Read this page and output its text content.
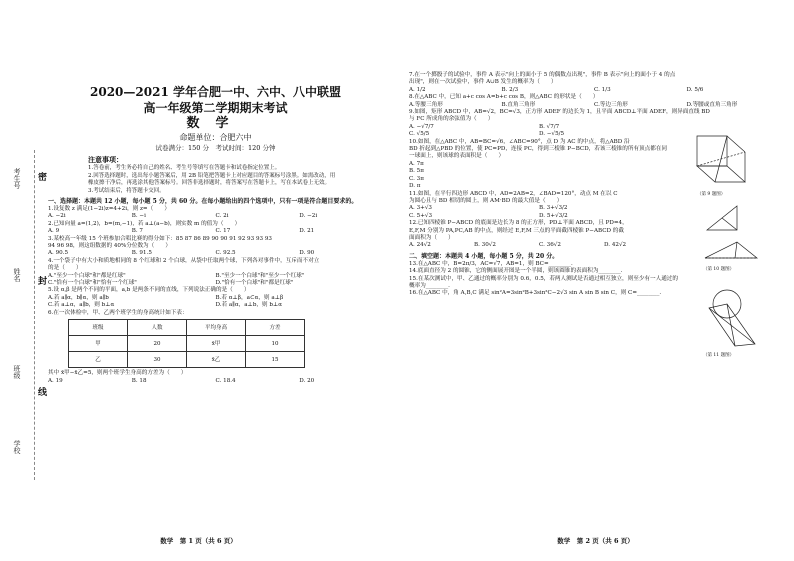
考生号
姓名
班级
学校
密
封
线
2020—2021 学年合肥一中、六中、八中联盟
高一年级第二学期期末考试
数学
命题单位：合肥六中
试卷满分：150 分　考试时间：120 分钟
注意事项：
1.答卷前，考生务必将自己的姓名、考生号等填写在答题卡和试卷指定位置上。
2.回答选择题时，选出每小题答案后，用 2B 铅笔把答题卡上对应题目的答案标号涂黑。如需改动，用
橡皮擦干净后，再选涂其他答案标号。回答非选择题时，将答案写在答题卡上，写在本试卷上无效。
3.考试结束后，将答题卡交回。
一、选择题：本题共 12 小题，每小题 5 分，共 60 分。在每小题给出的四个选项中，只有一项是符合题目要求的。
1.设复数 z 满足(1−2i)z=4+2i，则 z=（　　）
A. −2i	B. −i	C. 2i	D. −2i
2.已知向量 a=(1,2)，b=(m,−1)，若 a⊥(a−b)，则实数 m 的值为（　　）
A. 9	B. 7	C. 17	D. 21
3.某校高一年级 15 个班参加合唱比赛的得分如下：85 87 86 89 90 90 91 92 93 93 93
94 96 98，则这组数据的 40%分位数为（　　）
A. 90.5	B. 91.5	C. 92.5	D. 90
4.一个袋子中有大小和质地相同的 8 个红球和 2 个白球，从袋中任取两个球，下列各对事件中，互斥而不对立
的是（　　）
A."至少一个白球"和"都是红球"	B."至少一个白球"和"至少一个红球"
C."恰有一个白球"和"恰有一个红球"	D."恰有一个白球"和"都是红球"
5.设 α,β 是两个不同的平面，a,b 是两条不同的直线，下列说法正确的是（　　）
A.若 a∥α，b∥α，则 a∥b	B.若 α⊥β，a⊂α，则 a⊥β
C.若 a⊥α，a∥b，则 b⊥α	D.若 a∥α，a⊥b，则 b⊥α
6.在一次体检中，甲、乙两个班学生的身高统计如下表：
班级	人数	平均身高	方差
甲	20	x̄甲	10
乙	30	x̄乙	15
其中 x̄甲−x̄乙=5，则两个班学生身高的方差为（　　）
A. 19	B. 18	C. 18.4	D. 20
数学　第 1 页（共 6 页）
7.在一个掷骰子的试验中，事件 A 表示"向上的面小于 5 的偶数点出现"，事件 B 表示"向上的面小于 4 的点
出现"，则在一次试验中，事件 A∪B 发生的概率为（　　）
A. 1/2	B. 2/3	C. 1/3	D. 5/6
8.在△ABC 中，已知 a+c cos A=b+c cos B，则△ABC 的形状是（　　）
A.等腰三角形	B.直角三角形	C.等边三角形	D.等腰或直角三角形
9.如图，矩形 ABCD 中，AB=√2，BC=√3，正方形 ADEF 的边长为 1，且平面 ABCD⊥平面 ADEF，则异面直线 BD
与 FC 所成角的余弦值为（　　）
A. −√7/7	B. √7/7
C. √5/5	D. −√5/5
10.如图，在△ABC 中，AB=BC=√6，∠ABC=90°，点 D 为 AC 的中点，将△ABD 沿
BD 折起到△PBD 的位置，使 PC=PD，连接 PC，得到三棱锥 P−BCD，若该三棱锥的所有顶点都在同
一球面上，则该球的表面积是（　　）
A. 7π
B. 5π
C. 3π
D. π
11.如图，在平行四边形 ABCD 中，AD=2AB=2，∠BAD=120°，动点 M 在以 C
为圆心且与 BD 相切的圆上，则 AM·BD 的最大值是（　　）
A. 3+√3	B. 3+√3/2
C. 5+√3	D. 5+√3/2
12.已知四棱锥 P−ABCD 的底面是边长为 8 的正方形，PD⊥平面 ABCD，且 PD=4，
E,F,M 分别为 PA,PC,AB 的中点，则经过 E,F,M 三点的平面截四棱锥 P−ABCD 的截
面面积为（　　）
A. 24√2	B. 30√2	C. 36√2	D. 42√2
二、填空题：本题共 4 小题，每小题 5 分，共 20 分。
13.在△ABC 中，B=2π/3，AC=√7，AB=1，则 BC=________.
14.底面直径为 2 的圆锥，它的侧面展开图是一个半圆，则该圆锥的表面积为________.
15.在某次测试中，甲、乙通过的概率分别为 0.6，0.5，若两人测试是否通过相互独立，则至少有一人通过的
概率为________.
16.在△ABC 中，角 A,B,C 满足 sin²A=3sin²B+3sin²C−2√3 sin A sin B sin C，则 C=________.
（第 9 题图）
（第 10 题图）
（第 11 题图）
数学　第 2 页（共 6 页）
